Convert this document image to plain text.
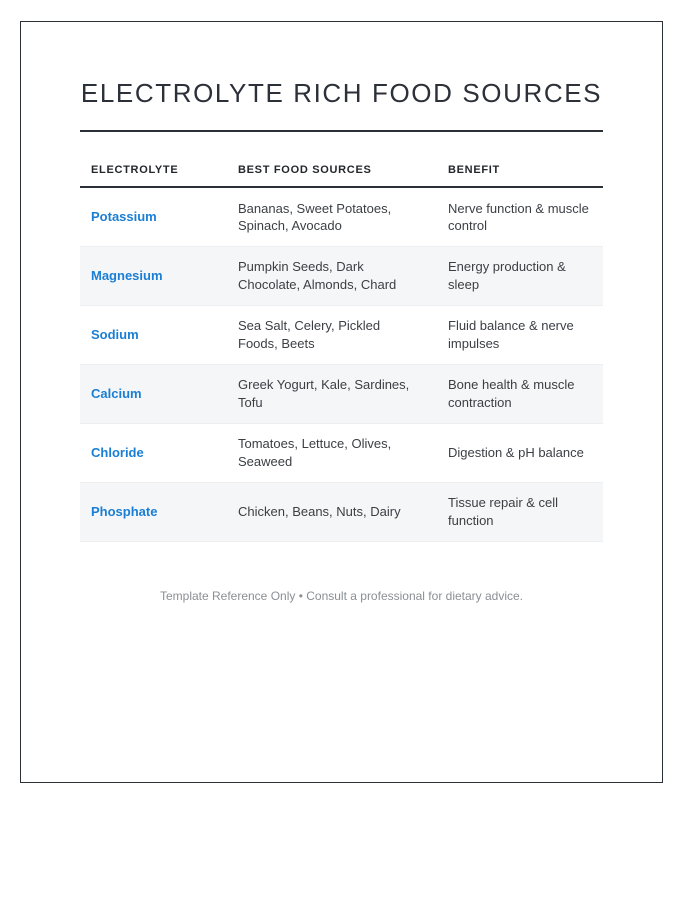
ELECTROLYTE RICH FOOD SOURCES
ELECTROLYTE	BEST FOOD SOURCES	BENEFIT
Potassium	Bananas, Sweet Potatoes, Spinach, Avocado	Nerve function & muscle control
Magnesium	Pumpkin Seeds, Dark Chocolate, Almonds, Chard	Energy production & sleep
Sodium	Sea Salt, Celery, Pickled Foods, Beets	Fluid balance & nerve impulses
Calcium	Greek Yogurt, Kale, Sardines, Tofu	Bone health & muscle contraction
Chloride	Tomatoes, Lettuce, Olives, Seaweed	Digestion & pH balance
Phosphate	Chicken, Beans, Nuts, Dairy	Tissue repair & cell function
Template Reference Only • Consult a professional for dietary advice.
